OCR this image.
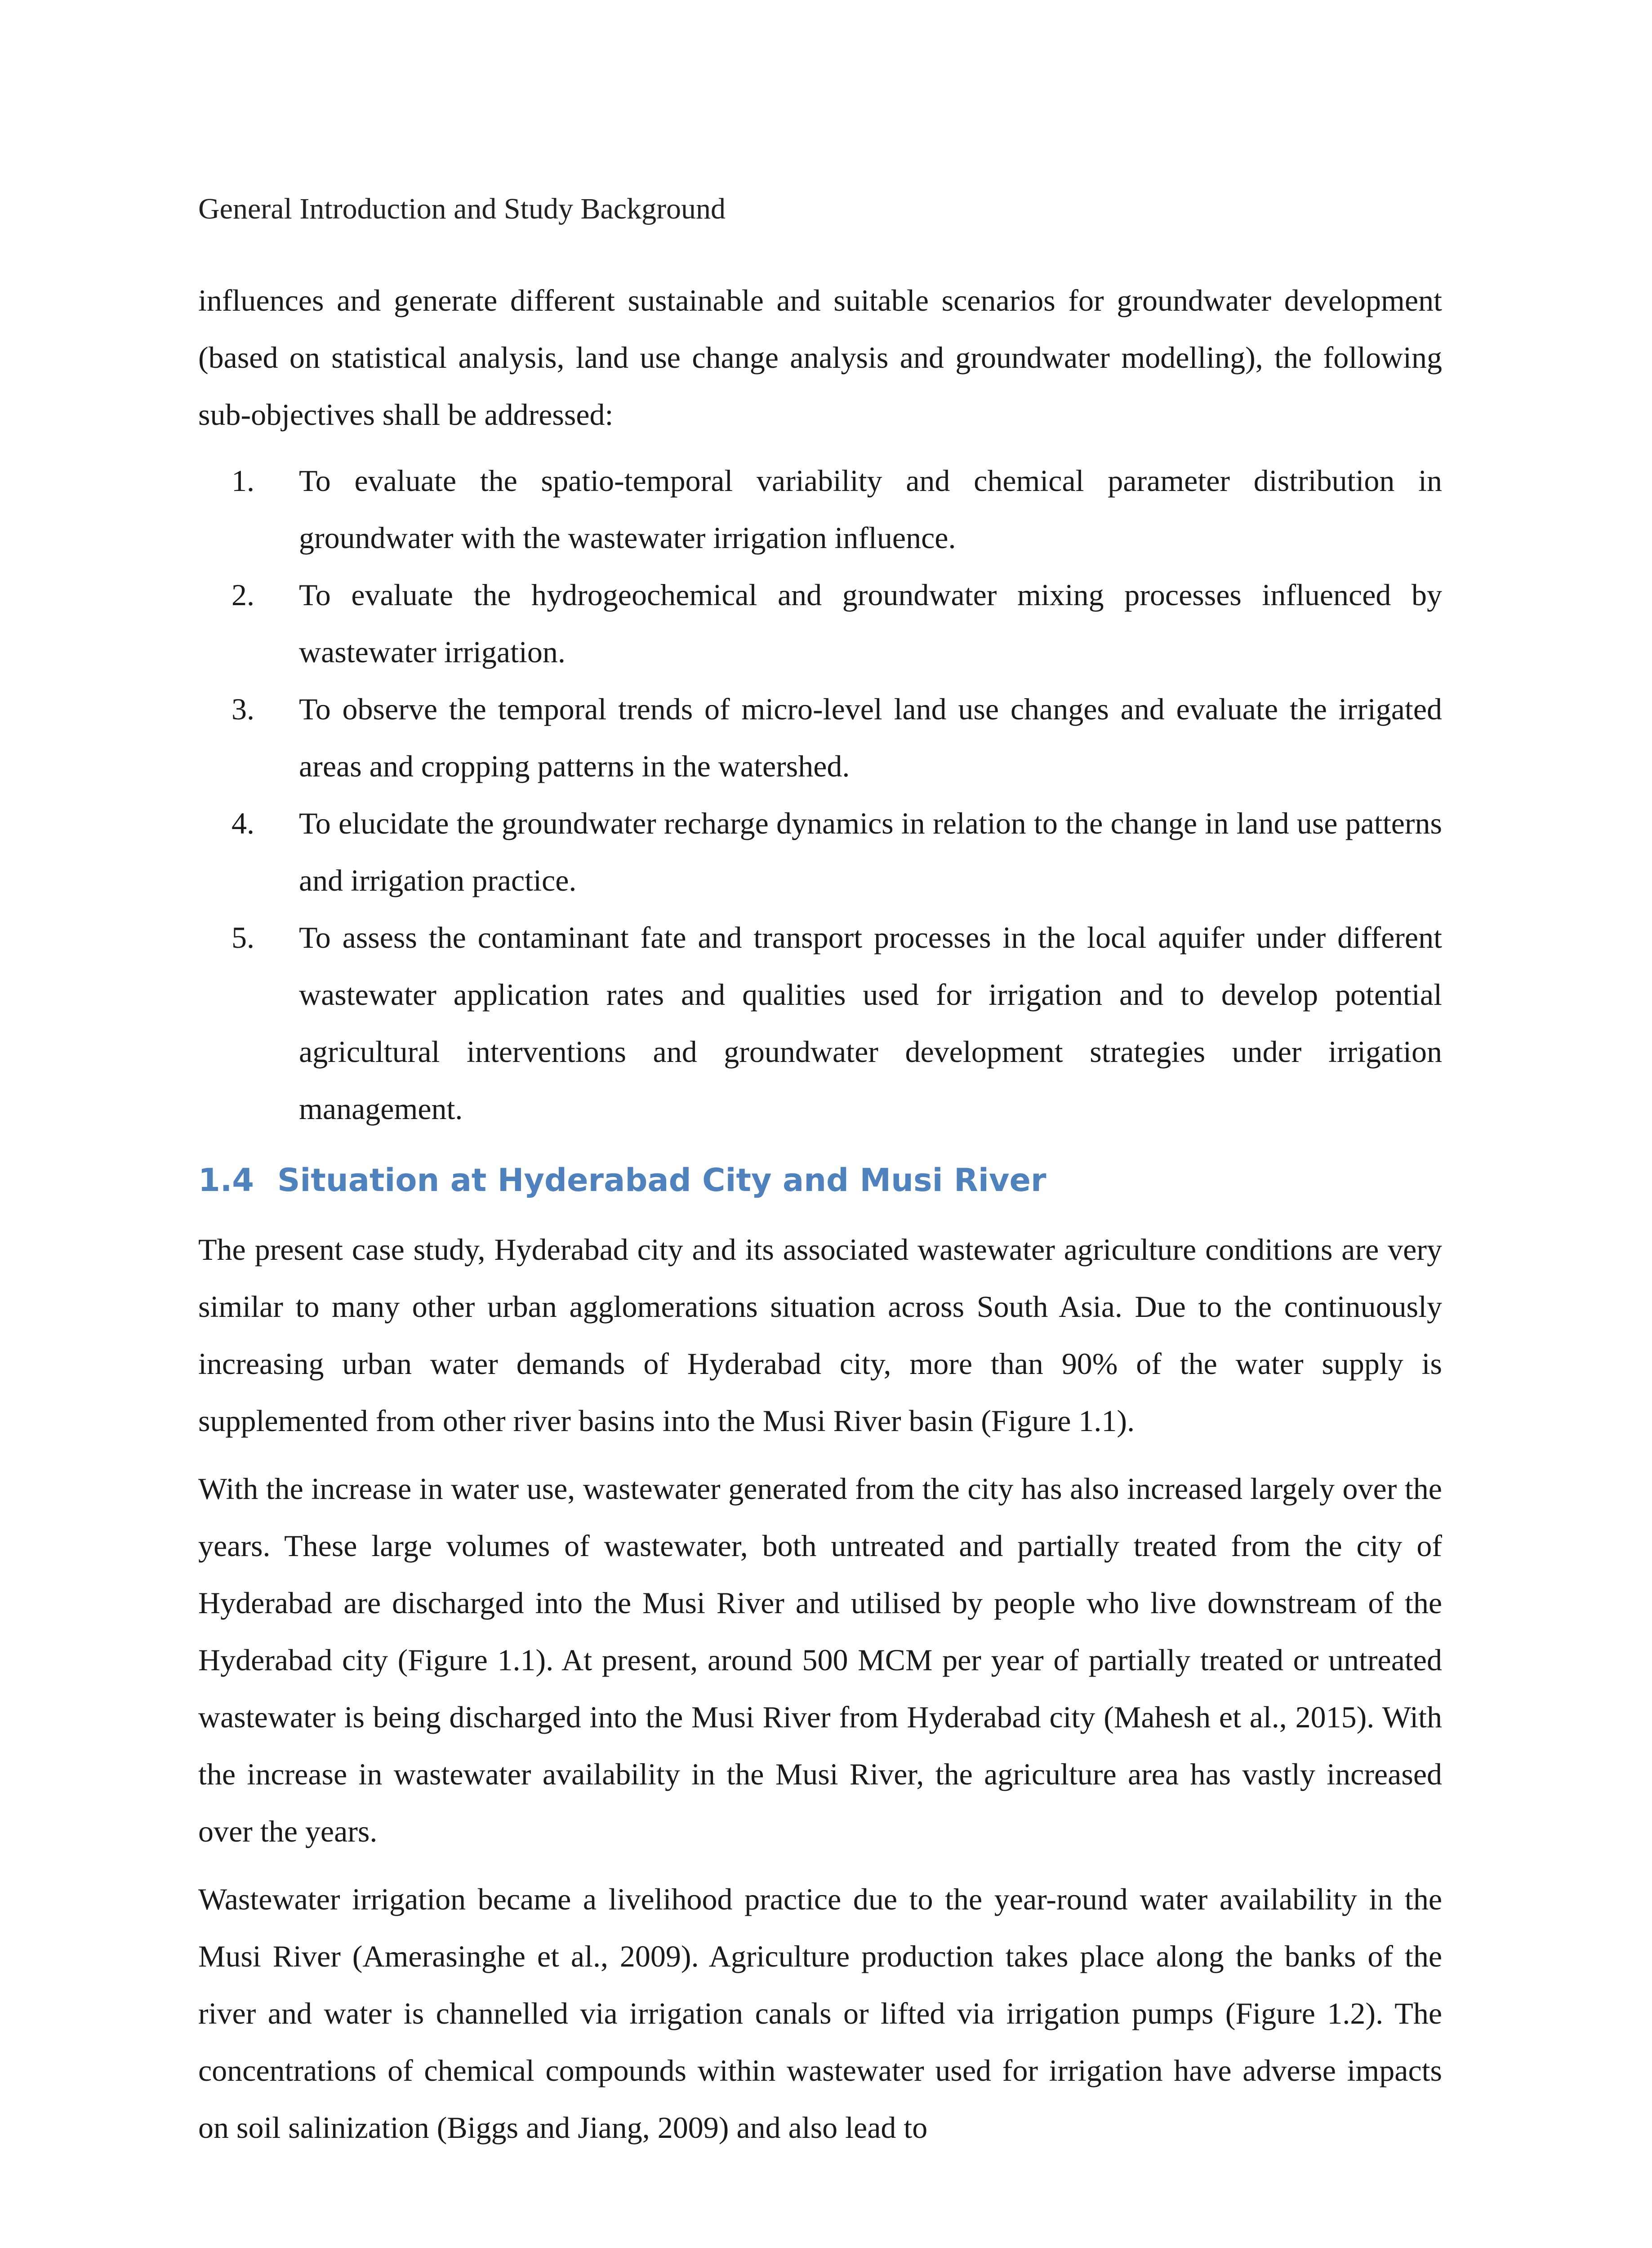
General Introduction and Study Background

influences and generate different sustainable and suitable scenarios for groundwater development (based on statistical analysis, land use change analysis and groundwater modelling), the following sub-objectives shall be addressed:

1.	To evaluate the spatio-temporal variability and chemical parameter distribution in groundwater with the wastewater irrigation influence.
2.	To evaluate the hydrogeochemical and groundwater mixing processes influenced by wastewater irrigation.
3.	To observe the temporal trends of micro-level land use changes and evaluate the irrigated areas and cropping patterns in the watershed.
4.	To elucidate the groundwater recharge dynamics in relation to the change in land use patterns and irrigation practice.
5.	To assess the contaminant fate and transport processes in the local aquifer under different wastewater application rates and qualities used for irrigation and to develop potential agricultural interventions and groundwater development strategies under irrigation management.
1.4 Situation at Hyderabad City and Musi River

The present case study, Hyderabad city and its associated wastewater agriculture conditions are very similar to many other urban agglomerations situation across South Asia. Due to the continuously increasing urban water demands of Hyderabad city, more than 90% of the water supply is supplemented from other river basins into the Musi River basin (Figure 1.1).

With the increase in water use, wastewater generated from the city has also increased largely over the years. These large volumes of wastewater, both untreated and partially treated from the city of Hyderabad are discharged into the Musi River and utilised by people who live downstream of the Hyderabad city (Figure 1.1). At present, around 500 MCM per year of partially treated or untreated wastewater is being discharged into the Musi River from Hyderabad city (Mahesh et al., 2015). With the increase in wastewater availability in the Musi River, the agriculture area has vastly increased over the years.

Wastewater irrigation became a livelihood practice due to the year-round water availability in the Musi River (Amerasinghe et al., 2009). Agriculture production takes place along the banks of the river and water is channelled via irrigation canals or lifted via irrigation pumps (Figure 1.2). The concentrations of chemical compounds within wastewater used for irrigation have adverse impacts on soil salinization (Biggs and Jiang, 2009) and also lead to
